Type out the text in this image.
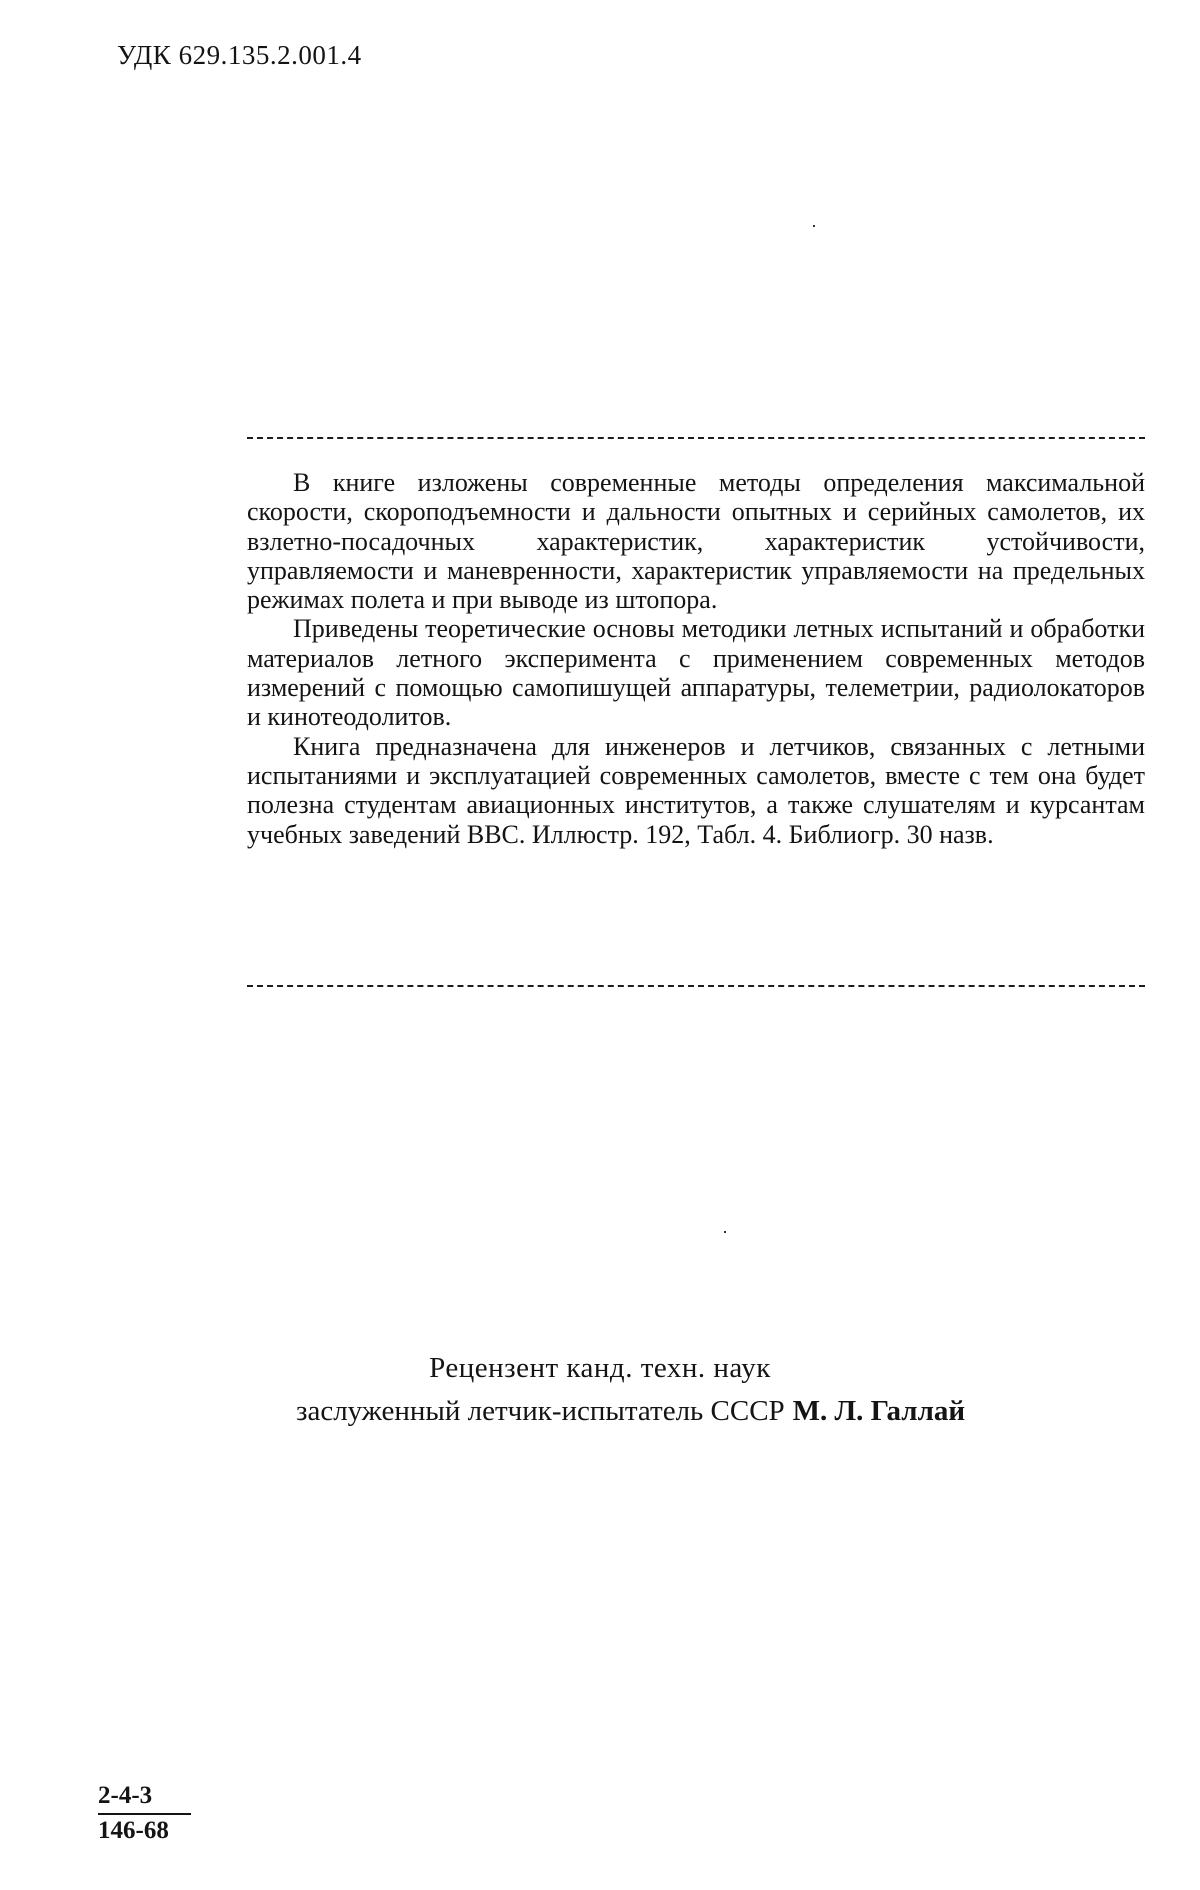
УДК 629.135.2.001.4

В книге изложены современные методы определения максимальной скорости, скороподъемности и дальности опытных и серийных самолетов, их взлетно-посадочных характеристик, характеристик устойчивости, управляемости и маневренности, характеристик управляемости на предельных режимах полета и при выводе из штопора.

Приведены теоретические основы методики летных испытаний и обработки материалов летного эксперимента с применением современных методов измерений с помощью самопишущей аппаратуры, телеметрии, радиолокаторов и кинотеодолитов.

Книга предназначена для инженеров и летчиков, связанных с летными испытаниями и эксплуатацией современных самолетов, вместе с тем она будет полезна студентам авиационных институтов, а также слушателям и курсантам учебных заведений ВВС. Иллюстр. 192, Табл. 4. Библиогр. 30 назв.

Рецензент канд. техн. наук
заслуженный летчик-испытатель СССР М. Л. Галлай
$\frac{2-4-3}{146-68}$
